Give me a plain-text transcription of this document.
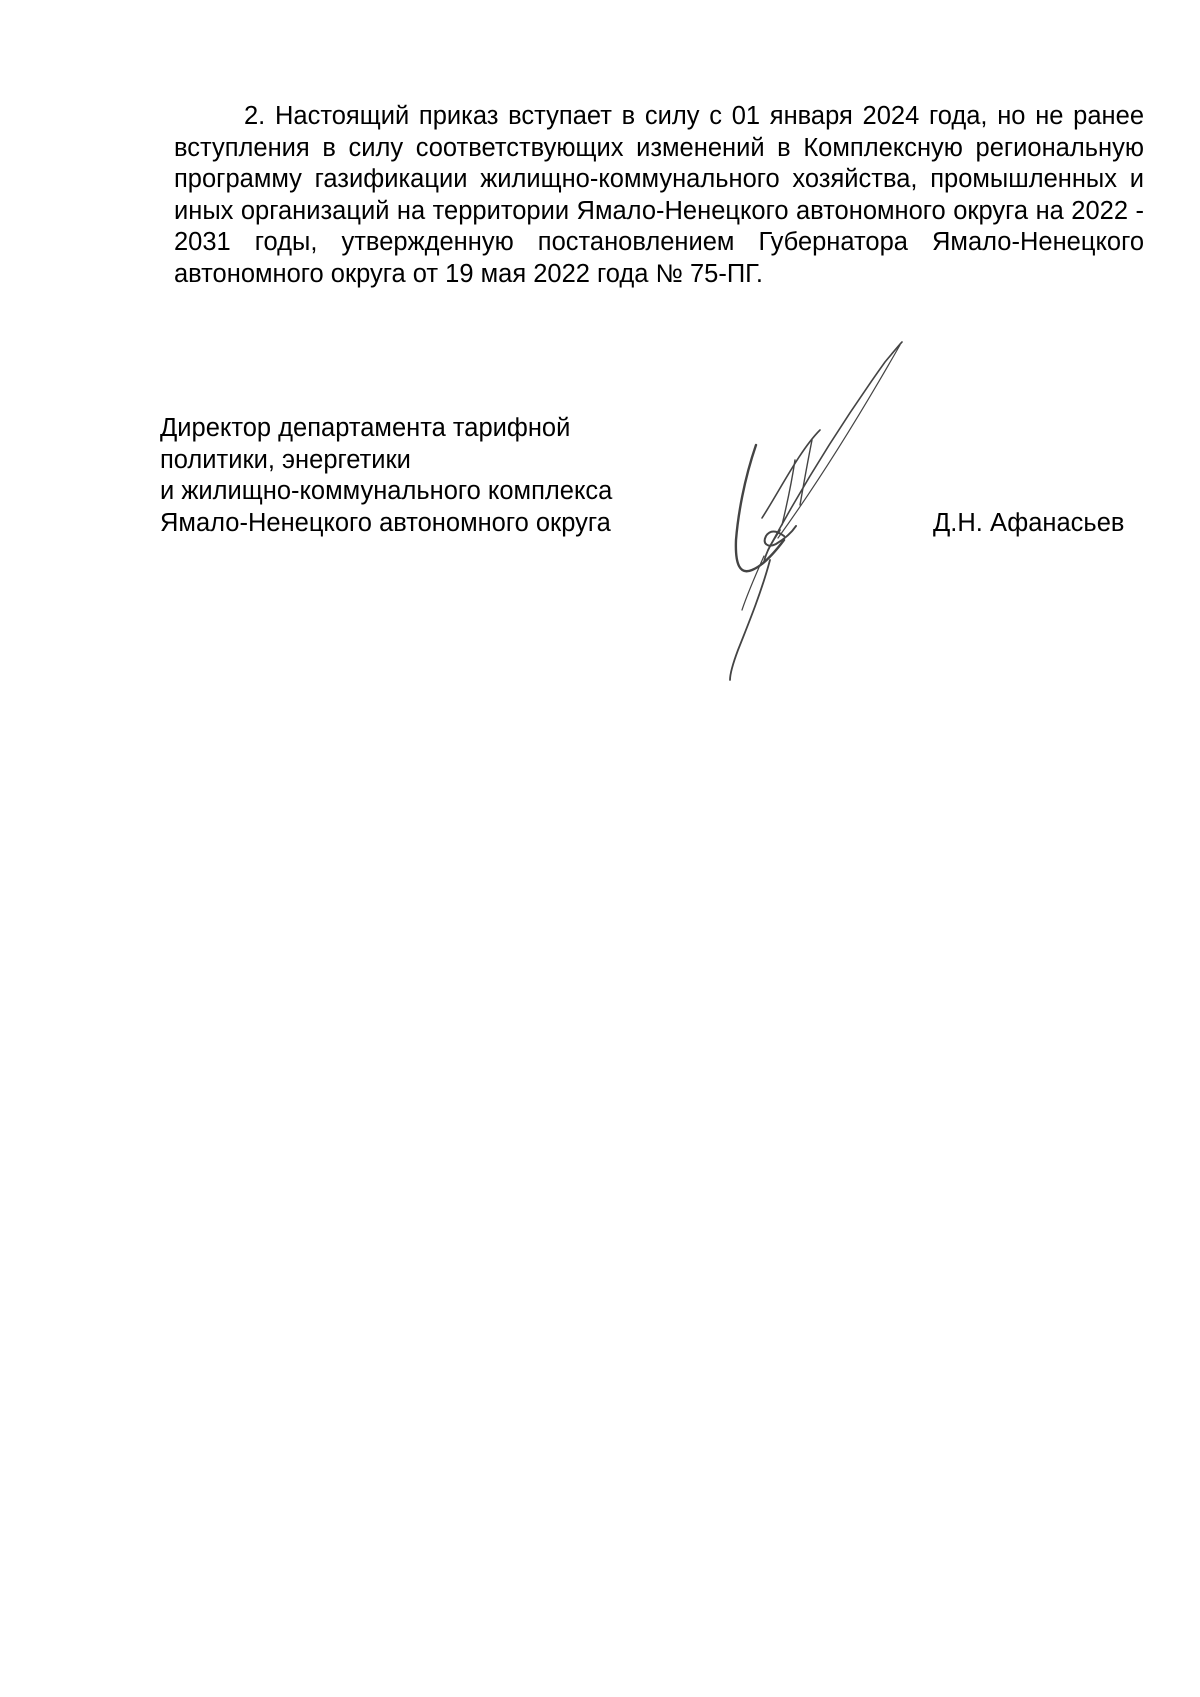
2. Настоящий приказ вступает в силу с 01 января 2024 года, но не ранее вступления в силу соответствующих изменений в Комплексную региональную программу газификации жилищно-коммунального хозяйства, промышленных и иных организаций на территории Ямало-Ненецкого автономного округа на 2022 - 2031 годы, утвержденную постановлением Губернатора Ямало-Ненецкого автономного округа от 19 мая 2022 года № 75-ПГ.

Директор департамента тарифной
политики, энергетики
и жилищно-коммунального комплекса
Ямало-Ненецкого автономного округа	Д.Н. Афанасьев
